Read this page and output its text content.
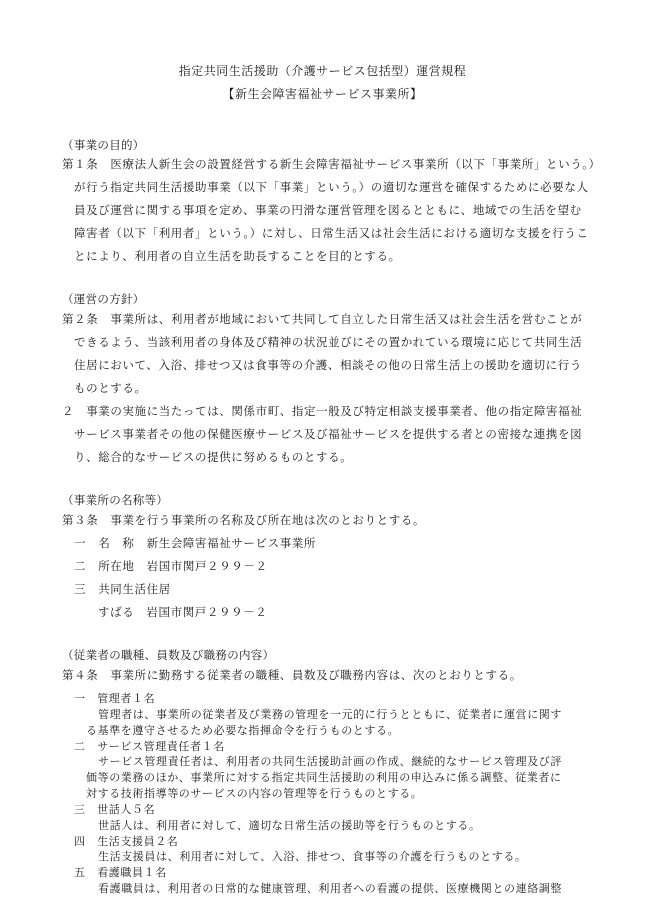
指定共同生活援助（介護サービス包括型）運営規程
【新生会障害福祉サービス事業所】
（事業の目的）
第１条　医療法人新生会の設置経営する新生会障害福祉サービス事業所（以下「事業所」という。）
が行う指定共同生活援助事業（以下「事業」という。）の適切な運営を確保するために必要な人
員及び運営に関する事項を定め、事業の円滑な運営管理を図るとともに、地域での生活を望む
障害者（以下「利用者」という。）に対し、日常生活又は社会生活における適切な支援を行うこ
とにより、利用者の自立生活を助長することを目的とする。
（運営の方針）
第２条　事業所は、利用者が地域において共同して自立した日常生活又は社会生活を営むことが
できるよう、当該利用者の身体及び精神の状況並びにその置かれている環境に応じて共同生活
住居において、入浴、排せつ又は食事等の介護、相談その他の日常生活上の援助を適切に行う
ものとする。
２　事業の実施に当たっては、関係市町、指定一般及び特定相談支援事業者、他の指定障害福祉
サービス事業者その他の保健医療サービス及び福祉サービスを提供する者との密接な連携を図
り、総合的なサービスの提供に努めるものとする。
（事業所の名称等）
第３条　事業を行う事業所の名称及び所在地は次のとおりとする。
一　名　称　新生会障害福祉サービス事業所
二　所在地　岩国市関戸２９９－２
三　共同生活住居
すばる　岩国市関戸２９９－２
（従業者の職種、員数及び職務の内容）
第４条　事業所に勤務する従業者の職種、員数及び職務内容は、次のとおりとする。
一　管理者１名
管理者は、事業所の従業者及び業務の管理を一元的に行うとともに、従業者に運営に関す
る基準を遵守させるため必要な指揮命令を行うものとする。
二　サービス管理責任者１名
サービス管理責任者は、利用者の共同生活援助計画の作成、継続的なサービス管理及び評
価等の業務のほか、事業所に対する指定共同生活援助の利用の申込みに係る調整、従業者に
対する技術指導等のサービスの内容の管理等を行うものとする。
三　世話人５名
世話人は、利用者に対して、適切な日常生活の援助等を行うものとする。
四　生活支援員２名
生活支援員は、利用者に対して、入浴、排せつ、食事等の介護を行うものとする。
五　看護職員１名
看護職員は、利用者の日常的な健康管理、利用者への看護の提供、医療機関との連絡調整
